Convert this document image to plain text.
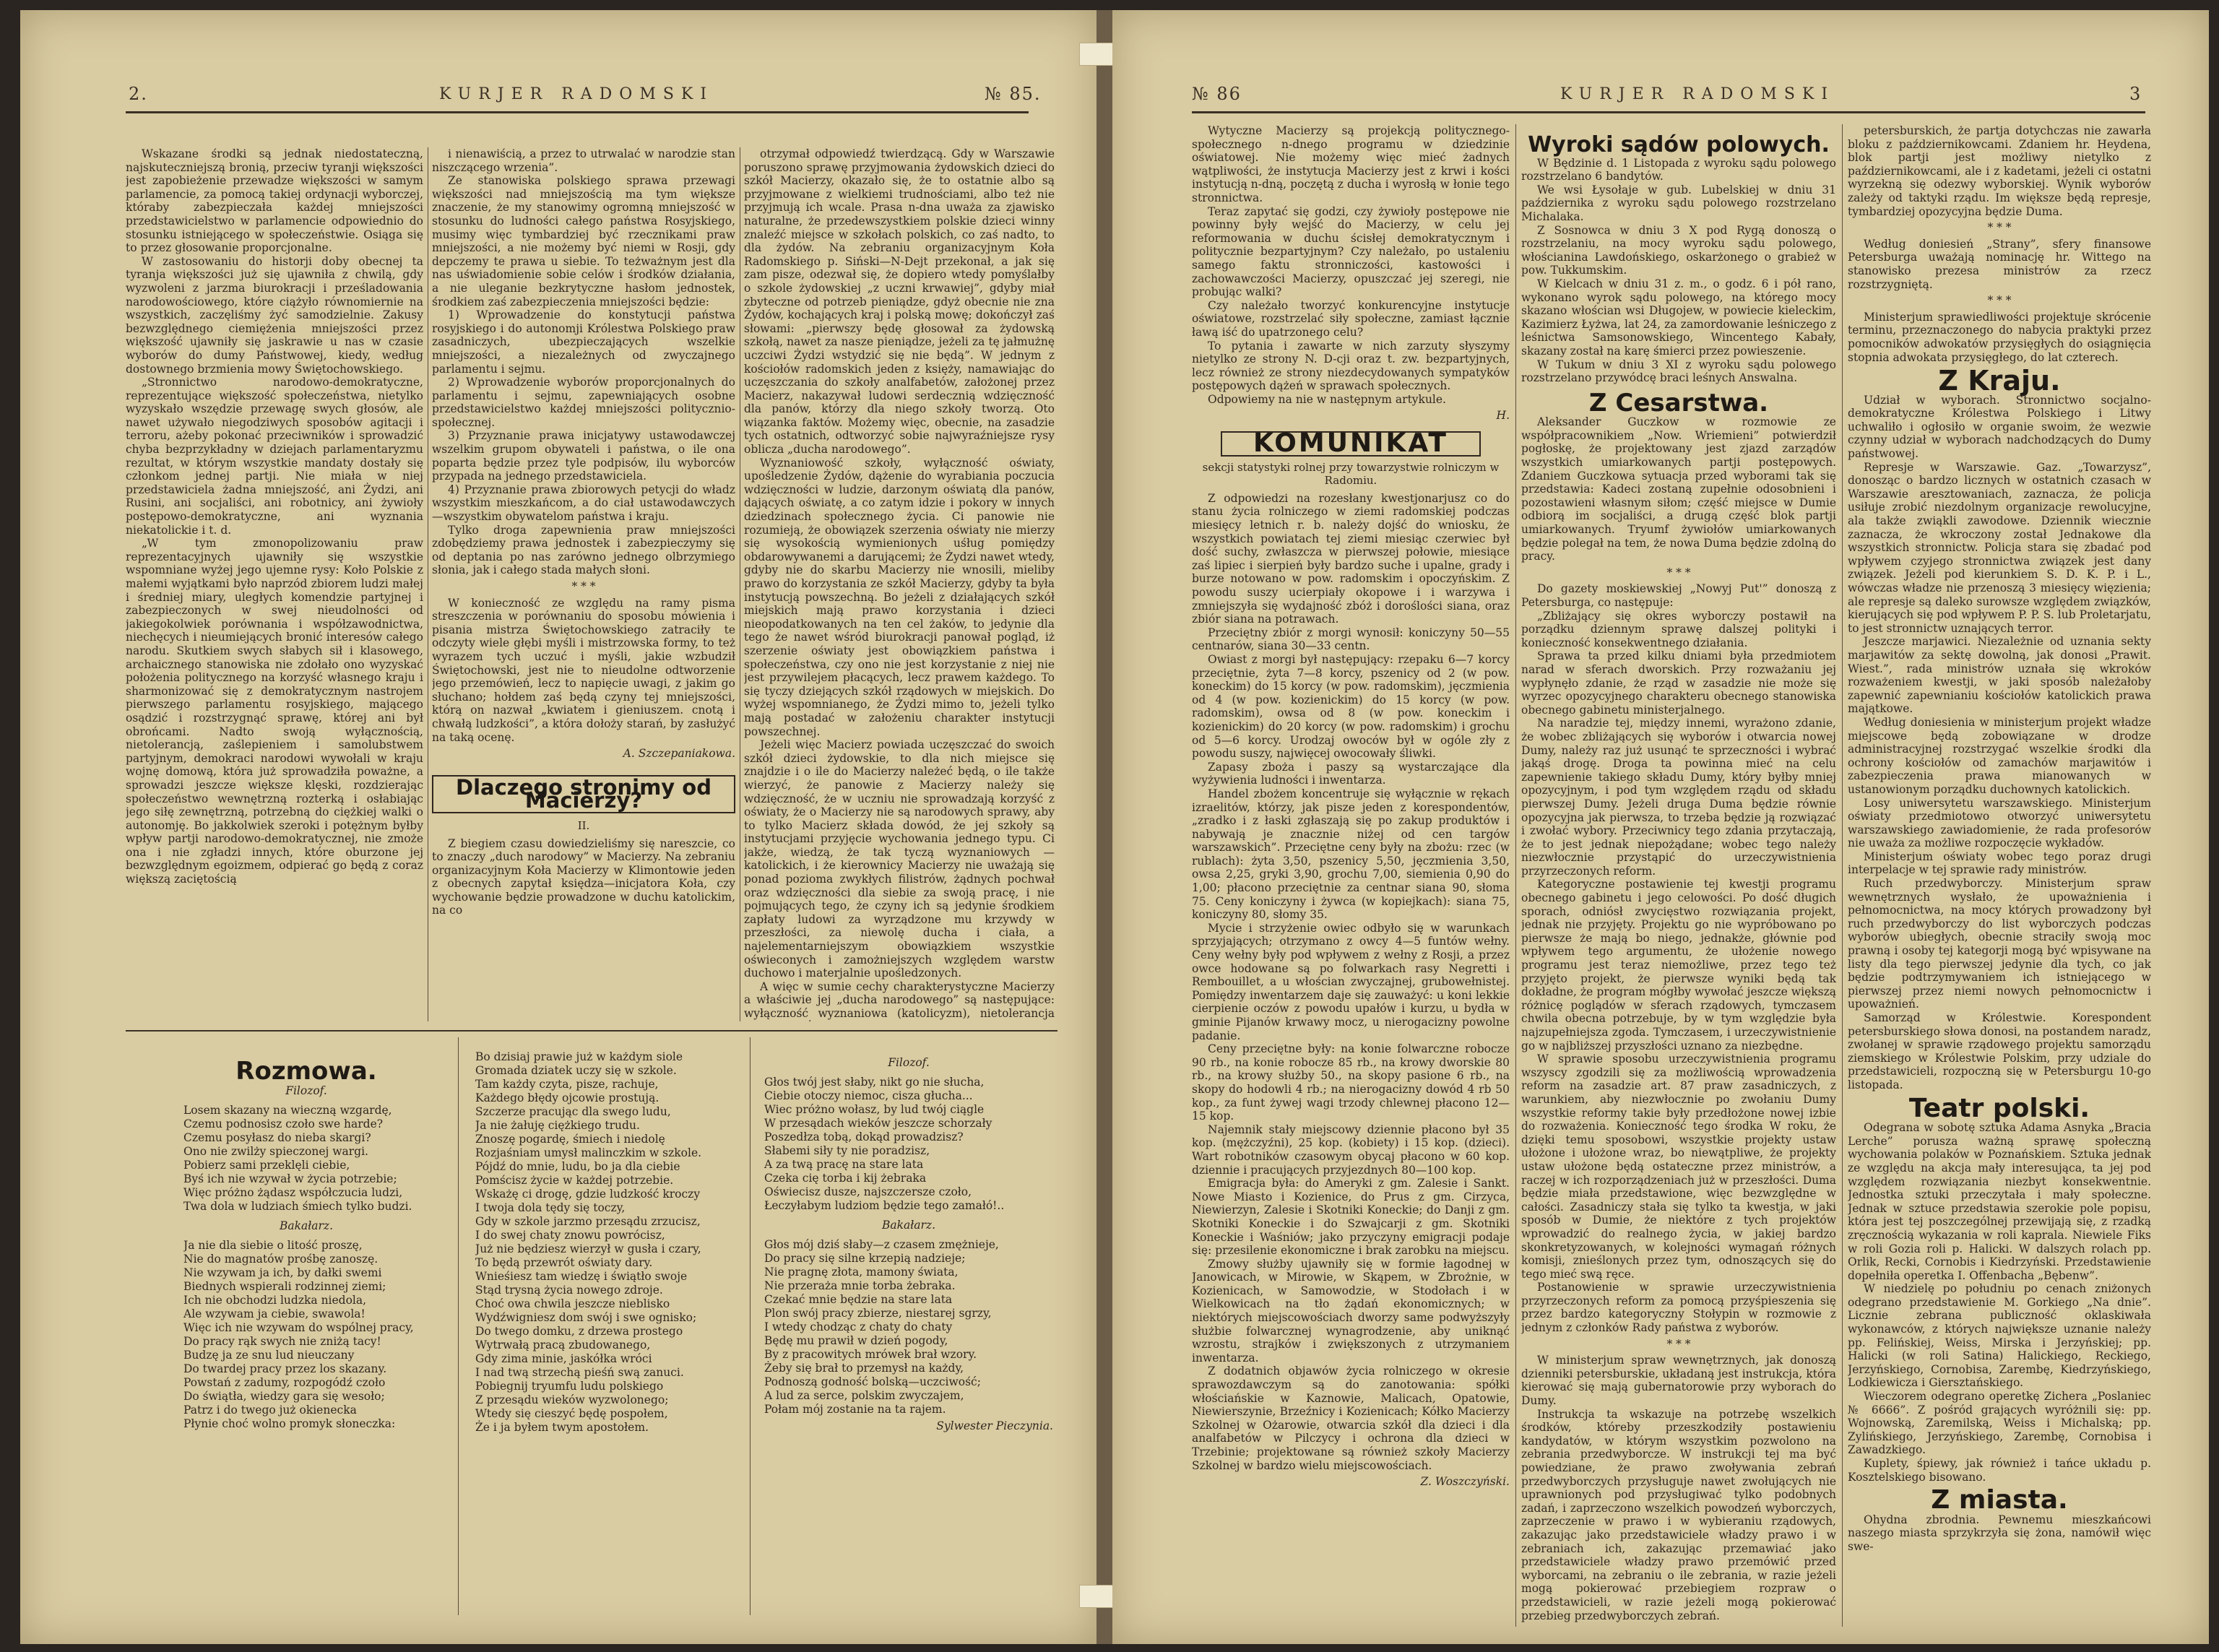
2.	KURJER RADOMSKI	№ 85.

Wskazane środki są jednak niedostateczną, najskuteczniejszą bronią, przeciw tyranji większości jest zapobieżenie przewadze większości w samym parlamencie, za pomocą takiej ordynacji wyborczej, któraby zabezpieczała każdej mniejszości przedstawicielstwo w parlamencie odpowiednio do stosunku istniejącego w społeczeństwie. Osiąga się to przez głosowanie proporcjonalne.

W zastosowaniu do historji doby obecnej ta tyranja większości już się ujawniła z chwilą, gdy wyzwoleni z jarzma biurokracji i prześladowania narodowościowego, które ciążyło równomiernie na wszystkich, zaczęliśmy żyć samodzielnie. Zakusy bezwzględnego ciemiężenia mniejszości przez większość ujawniły się jaskrawie u nas w czasie wyborów do dumy Państwowej, kiedy, według dostownego brzmienia mowy Świętochowskiego.

„Stronnictwo narodowo-demokratyczne, reprezentujące większość społeczeństwa, nietylko wyzyskało wszędzie przewagę swych głosów, ale nawet używało niegodziwych sposobów agitacji i terroru, ażeby pokonać przeciwników i sprowadzić chyba bezprzykładny w dziejach parlamentaryzmu rezultat, w którym wszystkie mandaty dostały się członkom jednej partji. Nie miała w niej przedstawiciela żadna mniejszość, ani Żydzi, ani Rusini, ani socjaliści, ani robotnicy, ani żywioły postępowo-demokratyczne, ani wyznania niekatolickie i t. d.

„W tym zmonopolizowaniu praw reprezentacyjnych ujawniły się wszystkie wspomniane wyżej jego ujemne rysy: Koło Polskie z małemi wyjątkami było naprzód zbiorem ludzi małej i średniej miary, uległych komendzie partyjnej i zabezpieczonych w swej nieudolności od jakiegokolwiek porównania i współzawodnictwa, niechęcych i nieumiejących bronić interesów całego narodu. Skutkiem swych słabych sił i klasowego, archaicznego stanowiska nie zdołało ono wyzyskać położenia politycznego na korzyść własnego kraju i sharmonizować się z demokratycznym nastrojem pierwszego parlamentu rosyjskiego, mającego osądzić i rozstrzygnąć sprawę, której ani był obrońcami. Nadto swoją wyłącznością, nietolerancją, zaślepieniem i samolubstwem partyjnym, demokraci narodowi wywołali w kraju wojnę domową, która już sprowadziła poważne, a sprowadzi jeszcze większe klęski, rozdzierając społeczeństwo wewnętrzną rozterką i osłabiając jego siłę zewnętrzną, potrzebną do ciężkiej walki o autonomję. Bo jakkolwiek szeroki i potężnym byłby wpływ partji narodowo-demokratycznej, nie zmoże ona i nie zgładzi innych, które oburzone jej bezwzględnym egoizmem, odpierać go będą z coraz większą zaciętością

i nienawiścią, a przez to utrwalać w narodzie stan niszczącego wrzenia”.

Ze stanowiska polskiego sprawa przewagi większości nad mniejszością ma tym większe znaczenie, że my stanowimy ogromną mniejszość w stosunku do ludności całego państwa Rosyjskiego, musimy więc tymbardziej być rzecznikami praw mniejszości, a nie możemy być niemi w Rosji, gdy depczemy te prawa u siebie. To teżważnym jest dla nas uświadomienie sobie celów i środków działania, a nie uleganie bezkrytyczne hasłom jednostek, środkiem zaś zabezpieczenia mniejszości będzie:

1) Wprowadzenie do konstytucji państwa rosyjskiego i do autonomji Królestwa Polskiego praw zasadniczych, ubezpieczających wszelkie mniejszości, a niezależnych od zwyczajnego parlamentu i sejmu.

2) Wprowadzenie wyborów proporcjonalnych do parlamentu i sejmu, zapewniających osobne przedstawicielstwo każdej mniejszości politycznio-społecznej.

3) Przyznanie prawa inicjatywy ustawodawczej wszelkim grupom obywateli i państwa, o ile ona poparta będzie przez tyle podpisów, ilu wyborców przypada na jednego przedstawiciela.

4) Przyznanie prawa zbiorowych petycji do władz wszystkim mieszkańcom, a do ciał ustawodawczych—wszystkim obywatelom państwa i kraju.

Tylko droga zapewnienia praw mniejszości zdobędziemy prawa jednostek i zabezpieczymy się od deptania po nas zarówno jednego olbrzymiego słonia, jak i całego stada małych słoni.

* * *

W konieczność ze względu na ramy pisma streszczenia w porównaniu do sposobu mówienia i pisania mistrza Świętochowskiego zatraciły te odczyty wiele głębi myśli i mistrzowska formy, to też wyrazem tych uczuć i myśli, jakie wzbudził Świętochowski, jest nie to nieudolne odtworzenie jego przemówień, lecz to napięcie uwagi, z jakim go słuchano; hołdem zaś będą czyny tej mniejszości, którą on nazwał „kwiatem i gieniuszem. cnotą i chwałą ludzkości”, a która dołoży starań, by zasłużyć na taką ocenę.

A. Szczepaniakowa.
Dlaczego stronimy od Macierzy?
II.

Z biegiem czasu dowiedzieliśmy się nareszcie, co to znaczy „duch narodowy” w Macierzy. Na zebraniu organizacyjnym Koła Macierzy w Klimontowie jeden z obecnych zapytał księdza—inicjatora Koła, czy wychowanie będzie prowadzone w duchu katolickim, na co

otrzymał odpowiedź twierdzącą. Gdy w Warszawie poruszono sprawę przyjmowania żydowskich dzieci do szkół Macierzy, okazało się, że to ostatnie albo są przyjmowane z wielkiemi trudnościami, albo też nie przyjmują ich wcale. Prasa n-dna uważa za zjawisko naturalne, że przedewszystkiem polskie dzieci winny znaleźć miejsce w szkołach polskich, co zaś nadto, to dla żydów. Na zebraniu organizacyjnym Koła Radomskiego p. Siński—N-Dejt przekonał, a jak się zam pisze, odezwał się, że dopiero wtedy pomyślałby o szkole żydowskiej „z uczni krwawiej”, gdyby miał zbyteczne od potrzeb pieniądze, gdyż obecnie nie zna Żydów, kochających kraj i polską mowę; dokończył zaś słowami: „pierwszy będę głosował za żydowską szkołą, nawet za nasze pieniądze, jeżeli za tę jałmużnę uczciwi Żydzi wstydzić się nie będą”. W jednym z kościołów radomskich jeden z księży, namawiając do uczęszczania do szkoły analfabetów, założonej przez Macierz, nakazywał ludowi serdecznią wdzięczność dla panów, którzy dla niego szkoły tworzą. Oto wiązanka faktów. Możemy więc, obecnie, na zasadzie tych ostatnich, odtworzyć sobie najwyraźniejsze rysy oblicza „ducha narodowego”.

Wyznaniowość szkoły, wyłączność oświaty, upośledzenie Żydów, dążenie do wyrabiania poczucia wdzięczności w ludzie, darzonym oświatą dla panów, dających oświatę, a co zatym idzie i pokory w innych dziedzinach społecznego życia. Ci panowie nie rozumieją, że obowiązek szerzenia oświaty nie mierzy się wysokością wymienionych uśług pomiędzy obdarowywanemi a darującemi; że Żydzi nawet wtedy, gdyby nie do skarbu Macierzy nie wnosili, mieliby prawo do korzystania ze szkół Macierzy, gdyby ta była instytucją powszechną. Bo jeżeli z działających szkół miejskich mają prawo korzystania i dzieci nieopodatkowanych na ten cel żaków, to jedynie dla tego że nawet wśród biurokracji panował pogląd, iż szerzenie oświaty jest obowiązkiem państwa i społeczeństwa, czy ono nie jest korzystanie z niej nie jest przywilejem płacących, lecz prawem każdego. To się tyczy dziejących szkół rządowych w miejskich. Do wyżej wspomnianego, że Żydzi mimo to, jeżeli tylko mają postadać w założeniu charakter instytucji powszechnej.

Jeżeli więc Macierz powiada uczęszczać do swoich szkół dzieci żydowskie, to dla nich miejsce się znajdzie i o ile do Macierzy należeć będą, o ile także wierzyć, że panowie z Macierzy należy się wdzięczność, że w uczniu nie sprowadzają korzyść z oświaty, że o Macierzy nie są narodowych sprawy, aby to tylko Macierz składa dowód, że jej szkoły są instytucjami przyjęcie wychowania jednego typu. Ci jakże, wiedzą, że tak tyczą wyznaniowych — katolickich, i że kierownicy Macierzy nie uważają się ponad pozioma zwykłych filistrów, żądnych pochwał oraz wdzięczności dla siebie za swoją pracę, i nie pojmujących tego, że czyny ich są jedynie środkiem zapłaty ludowi za wyrządzone mu krzywdy w przeszłości, za niewolę ducha i ciała, a najelementarniejszym obowiązkiem wszystkie oświeconych i zamożniejszych względem warstw duchowo i materjalnie upośledzonych.

A więc w sumie cechy charakterystyczne Macierzy a właściwie jej „ducha narodowego” są następujące: wyłączność wyznaniowa (katolicyzm), nietolerancja

Rozmowa.
Filozof.
Losem skazany na wieczną wzgardę,
Czemu podnosisz czoło swe harde?
Czemu posyłasz do nieba skargi?
Ono nie zwilży spieczonej wargi.
Pobierz sami przeklęli ciebie,
Byś ich nie wzywał w życia potrzebie;
Więc próżno żądasz współczucia ludzi,
Twa dola w ludziach śmiech tylko budzi.
Bakałarz.
Ja nie dla siebie o litość proszę,
Nie do magnatów prośbę zanoszę.
Nie wzywam ja ich, by dałki swemi
Biednych wspierali rodzinnej ziemi;
Ich nie obchodzi ludzka niedola,
Ale wzywam ja ciebie, swawola!
Więc ich nie wzywam do wspólnej pracy,
Do pracy rąk swych nie zniżą tacy!
Budzę ja ze snu lud nieuczany
Do twardej pracy przez los skazany.
Powstań z zadumy, rozpogódź czoło
Do świątła, wiedzy gara się wesoło;
Patrz i do twego już okienecka
Płynie choć wolno promyk słoneczka:
Bo dzisiaj prawie już w każdym siole
Gromada dziatek uczy się w szkole.
Tam każdy czyta, pisze, rachuje,
Każdego błędy ojcowie prostują.
Szczerze pracując dla swego ludu,
Ja nie żałuję ciężkiego trudu.
Znoszę pogardę, śmiech i niedolę
Rozjaśniam umysł malinczkim w szkole.
Pójdź do mnie, ludu, bo ja dla ciebie
Pomścisz życie w każdej potrzebie.
Wskażę ci drogę, gdzie ludzkość kroczy
I twoja dola tędy się toczy,
Gdy w szkole jarzmo przesądu zrzucisz,
I do swej chaty znowu powrócisz,
Już nie będziesz wierzył w gusła i czary,
To będą przewrót oświaty dary.
Wnieśiesz tam wiedzę i świątło swoje
Stąd trysną życia nowego zdroje.
Choć owa chwila jeszcze nieblisko
Wydźwigniesz dom swój i swe ognisko;
Do twego domku, z drzewa prostego
Wytrwałą pracą zbudowanego,
Gdy zima minie, jaskółka wróci
I nad twą strzechą pieśń swą zanuci.
Pobiegnij tryumfu ludu polskiego
Z przesądu wieków wyzwolonego;
Wtedy się cieszyć będę pospołem,
Że i ja byłem twym apostołem.
Filozof.
Głos twój jest słaby, nikt go nie słucha,
Ciebie otoczy niemoc, cisza głucha...
Wiec próżno wołasz, by lud twój ciągle
W przesądach wieków jeszcze schorzały
Poszedłza tobą, dokąd prowadzisz?
Słabemi siły ty nie poradzisz,
A za twą pracę na stare lata
Czeka cię torba i kij żebraka
Oświecisz dusze, najszczersze czoło,
Łeczyłabym ludziom będzie tego zamałó!..
Bakałarz.
Głos mój dziś słaby—z czasem zmężnieje,
Do pracy się silne krzepią nadzieje;
Nie pragnę złota, mamony świata,
Nie przeraża mnie torba żebraka.
Czekać mnie będzie na stare lata
Plon swój pracy zbierze, niestarej sgrzy,
I wtedy chodząc z chaty do chaty
Będę mu prawił w dzień pogody,
By z pracowitych mrówek brał wzory.
Żeby się brał to przemysł na każdy,
Podnoszą godność bolską—uczciwość;
A lud za serce, polskim zwyczajem,
Połam mój zostanie na ta rajem.
Sylwester Pieczynia.
№ 86	KURJER RADOMSKI	3

Wytyczne Macierzy są projekcją politycznego-społecznego n-dnego programu w dziedzinie oświatowej. Nie możemy więc mieć żadnych wątpliwości, że instytucja Macierzy jest z krwi i kości instytucją n-dną, poczętą z ducha i wyrosłą w łonie tego stronnictwa.

Teraz zapytać się godzi, czy żywioły postępowe nie powinny były wejść do Macierzy, w celu jej reformowania w duchu ścisłej demokratycznym i politycznie bezpartyjnym? Czy należało, po ustaleniu samego faktu stronniczości, kastowości i zachowawczości Macierzy, opuszczać jej szeregi, nie probując walki?

Czy należało tworzyć konkurencyjne instytucje oświatowe, rozstrzelać siły społeczne, zamiast łącznie ławą iść do upatrzonego celu?

To pytania i zawarte w nich zarzuty słyszymy nietylko ze strony N. D-cji oraz t. zw. bezpartyjnych, lecz również ze strony niezdecydowanych sympatyków postępowych dążeń w sprawach społecznych.

Odpowiemy na nie w następnym artykule.

H.
KOMUNIKAT
sekcji statystyki rolnej przy towarzystwie rolniczym w Radomiu.

Z odpowiedzi na rozesłany kwestjonarjusz co do stanu życia rolniczego w ziemi radomskiej podczas miesięcy letnich r. b. należy dojść do wniosku, że wszystkich powiatach tej ziemi miesiąc czerwiec był dość suchy, zwłaszcza w pierwszej połowie, miesiące zaś lipiec i sierpień były bardzo suche i upalne, grady i burze notowano w pow. radomskim i opoczyńskim. Z powodu suszy ucierpiały okopowe i i warzywa i zmniejszyła się wydajność zbóż i doroślości siana, oraz zbiór siana na potrawach.

Przeciętny zbiór z morgi wynosił: koniczyny 50—55 centnarów, siana 30—33 centn.

Owiast z morgi był następujący: rzepaku 6—7 korcy przeciętnie, żyta 7—8 korcy, pszenicy od 2 (w pow. koneckim) do 15 korcy (w pow. radomskim), jęczmienia od 4 (w pow. kozienickim) do 15 korcy (w pow. radomskim), owsa od 8 (w pow. koneckim i kozienickim) do 20 korcy (w pow. radomskim) i grochu od 5—6 korcy. Urodzaj owoców był w ogóle zły z powodu suszy, najwięcej owocowały śliwki.

Zapasy zboża i paszy są wystarczające dla wyżywienia ludności i inwentarza.

Handel zbożem koncentruje się wyłącznie w rękach izraelitów, którzy, jak pisze jeden z korespondentów, „zradko i z łaski zgłaszają się po zakup produktów i nabywają je znacznie niżej od cen targów warszawskich”. Przeciętne ceny były na zbożu: rzec (w rublach): żyta 3,50, pszenicy 5,50, jęczmienia 3,50, owsa 2,25, gryki 3,90, grochu 7,00, siemienia 0,90 do 1,00; płacono przeciętnie za centnar siana 90, słoma 75. Ceny koniczyny i żywca (w kopiejkach): siana 75, koniczyny 80, słomy 35.

Mycie i strzyżenie owiec odbyło się w warunkach sprzyjających; otrzymano z owcy 4—5 funtów wełny. Ceny wełny były pod wpływem z wełny z Rosji, a przez owce hodowane są po folwarkach rasy Negretti i Rembouillet, a u włościan zwyczajnej, grubowełnistej. Pomiędzy inwentarzem daje się zauważyć: u koni lekkie cierpienie oczów z powodu upałów i kurzu, u bydła w gminie Pijanów krwawy mocz, u nierogacizny powolne padanie.

Ceny przeciętne były: na konie folwarczne robocze 90 rb., na konie robocze 85 rb., na krowy dworskie 80 rb., na krowy służby 50., na skopy pasione 6 rb., na skopy do hodowli 4 rb.; na nierogacizny dowód 4 rb 50 kop., za funt żywej wagi trzody chlewnej płacono 12—15 kop.

Najemnik stały miejscowy dziennie płacono był 35 kop. (mężczyźni), 25 kop. (kobiety) i 15 kop. (dzieci). Wart robotników czasowym obycaj płacono w 60 kop. dziennie i pracujących przyjezdnych 80—100 kop.

Emigracja była: do Ameryki z gm. Zalesie i Sankt. Nowe Miasto i Kozienice, do Prus z gm. Cirzyca, Niewierzyn, Zalesie i Skotniki Koneckie; do Danji z gm. Skotniki Koneckie i do Szwajcarji z gm. Skotniki Koneckie i Waśniów; jako przyczyny emigracji podaje się: przesilenie ekonomiczne i brak zarobku na miejscu.

Zmowy służby ujawniły się w formie łagodnej w Janowicach, w Mirowie, w Skąpem, w Zbrożnie, w Kozienicach, w Samowodzie, w Stodołach i w Wielkowicach na tło żądań ekonomicznych; w niektórych miejscowościach dworzy same podwyższyły służbie folwarcznej wynagrodzenie, aby uniknąć wzrostu, strajków i zwiększonych z utrzymaniem inwentarza.

Z dodatnich objawów życia rolniczego w okresie sprawozdawczym są do zanotowania: spółki włościańskie w Kaznowie, Malicach, Opatowie, Niewierszynie, Brzeźnicy i Kozienicach; Kółko Macierzy Szkolnej w Ożarowie, otwarcia szkół dla dzieci i dla analfabetów w Pilczycy i ochrona dla dzieci w Trzebinie; projektowane są również szkoły Macierzy Szkolnej w bardzo wielu miejscowościach.

Z. Woszczyński.
Wyroki sądów polowych.

W Będzinie d. 1 Listopada z wyroku sądu polowego rozstrzelano 6 bandytów.

We wsi Łysołaje w gub. Lubelskiej w dniu 31 października z wyroku sądu polowego rozstrzelano Michalaka.

Z Sosnowca w dniu 3 X pod Rygą donoszą o rozstrzelaniu, na mocy wyroku sądu polowego, włościanina Lawdońskiego, oskarżonego o grabież w pow. Tukkumskim.

W Kielcach w dniu 31 z. m., o godz. 6 i pół rano, wykonano wyrok sądu polowego, na którego mocy skazano włościan wsi Długojew, w powiecie kieleckim, Kazimierz Łyżwa, lat 24, za zamordowanie leśniczego z leśnictwa Samsonowskiego, Wincentego Kabały, skazany został na karę śmierci przez powieszenie.

W Tukum w dniu 3 XI z wyroku sądu polowego rozstrzelano przywódcę braci leśnych Answalna.

Z Cesarstwa.

Aleksander Guczkow w rozmowie ze współpracownikiem „Now. Wriemieni” potwierdził pogłoskę, że projektowany jest zjazd zarządów wszystkich umiarkowanych partji postępowych. Zdaniem Guczkowa sytuacja przed wyborami tak się przedstawia: Kadeci zostaną zupełnie odosobnieni i pozostawieni własnym siłom; część miejsce w Dumie odbiorą im socjaliści, a drugą część blok partji umiarkowanych. Tryumf żywiołów umiarkowanych będzie polegał na tem, że nowa Duma będzie zdolną do pracy.

* * *

Do gazety moskiewskiej „Nowyj Put'” donoszą z Petersburga, co następuje:

„Zbliżający się okres wyborczy postawił na porządku dziennym sprawę dalszej polityki i konieczność konsekwentnego działania.

Sprawa ta przed kilku dniami była przedmiotem narad w sferach dworskich. Przy rozważaniu jej wypłynęło zdanie, że rząd w zasadzie nie może się wyrzec opozycyjnego charakteru obecnego stanowiska obecnego gabinetu ministerjalnego.

Na naradzie tej, między innemi, wyrażono zdanie, że wobec zbliżających się wyborów i otwarcia nowej Dumy, należy raz już usunąć te sprzeczności i wybrać jakąś drogę. Droga ta powinna mieć na celu zapewnienie takiego składu Dumy, który byłby mniej opozycyjnym, i pod tym względem rządu od składu pierwszej Dumy. Jeżeli druga Duma będzie równie opozycyjna jak pierwsza, to trzeba będzie ją rozwiązać i zwołać wybory. Przeciwnicy tego zdania przytaczają, że to jest jednak niepożądane; wobec tego należy niezwłocznie przystąpić do urzeczywistnienia przyrzeczonych reform.

Kategoryczne postawienie tej kwestji programu obecnego gabinetu i jego celowości. Po dość długich sporach, odniósł zwycięstwo rozwiązania projekt, jednak nie przyjęty. Projektu go nie wypróbowano po pierwsze że mają bo niego, jednakże, głównie pod wpływem tego argumentu, że ułożenie nowego programu jest teraz niemożliwe, przez tego też przyjęto projekt, że pierwsze wyniki będą tak dokładne, że program mógłby wywołać jeszcze większą różnicę poglądów w sferach rządowych, tymczasem chwila obecna potrzebuje, by w tym względzie była najzupełniejsza zgoda. Tymczasem, i urzeczywistnienie go w najbliższej przyszłości uznano za niezbędne.

W sprawie sposobu urzeczywistnienia programu wszyscy zgodzili się za możliwością wprowadzenia reform na zasadzie art. 87 praw zasadniczych, z warunkiem, aby niezwłocznie po zwołaniu Dumy wszystkie reformy takie były przedłożone nowej izbie do rozważenia. Konieczność tego środka W roku, że dzięki temu sposobowi, wszystkie projekty ustaw ułożone i ułożone wraz, bo niewątpliwe, że projekty ustaw ułożone będą ostateczne przez ministrów, a raczej w ich rozporządzeniach już w przeszłości. Duma będzie miała przedstawione, więc bezwzględne w całości. Zasadniczy stała się tylko ta kwestja, w jaki sposób w Dumie, że niektóre z tych projektów wprowadzić do realnego życia, w jakiej bardzo skonkretyzowanych, w kolejności wymagań różnych komisji, znieślonych przez tym, odnoszących się do tego mieć swą ręce.

Postanowienie w sprawie urzeczywistnienia przyrzeczonych reform za pomocą przyśpieszenia się przez bardzo kategoryczny Stołypin w rozmowie z jednym z członków Rady państwa z wyborów.

* * *

W ministerjum spraw wewnętrznych, jak donoszą dzienniki petersburskie, układaną jest instrukcja, która kierować się mają gubernatorowie przy wyborach do Dumy.

Instrukcja ta wskazuje na potrzebę wszelkich środków, któreby przeszkodziły postawieniu kandydatów, w którym wszystkim pozwolono na zebrania przedwyborcze. W instrukcji tej ma być powiedziane, że prawo zwoływania zebrań przedwyborczych przysługuje nawet zwołujących nie uprawnionych pod przysługiwać tylko podobnych zadań, i zaprzeczono wszelkich powodzeń wyborczych, zaprzeczenie w prawo i w wybieraniu rządowych, zakazując jako przedstawiciele władzy prawo i w zebraniach ich, zakazując przemawiać jako przedstawiciele władzy prawo przemówić przed wyborcami, na zebraniu o ile zebrania, w razie jeżeli mogą pokierować przebiegiem rozpraw o przedstawicieli, w razie jeżeli mogą pokierować przebieg przedwyborczych zebrań.

petersburskich, że partja dotychczas nie zawarła bloku z październikowcami. Zdaniem hr. Heydena, blok partji jest możliwy nietylko z październikowcami, ale i z kadetami, jeżeli ci ostatni wyrzekną się odezwy wyborskiej. Wynik wyborów zależy od taktyki rządu. Im większe będą represje, tymbardziej opozycyjna będzie Duma.

* * *

Według doniesień „Strany”, sfery finansowe Petersburga uważają nominację hr. Wittego na stanowisko prezesa ministrów za rzecz rozstrzygniętą.

* * *

Ministerjum sprawiedliwości projektuje skrócenie terminu, przeznaczonego do nabycia praktyki przez pomocników adwokatów przysięgłych do osiągnięcia stopnia adwokata przysięgłego, do lat czterech.

Z Kraju.

Udział w wyborach. Stronnictwo socjalno-demokratyczne Królestwa Polskiego i Litwy uchwaliło i ogłosiło w organie swoim, że wezwie czynny udział w wyborach nadchodzących do Dumy państwowej.

Represje w Warszawie. Gaz. „Towarzysz”, donosząc o bardzo licznych w ostatnich czasach w Warszawie aresztowaniach, zaznacza, że policja usiłuje zrobić niezdolnym organizacje rewolucyjne, ala także zwiąkli zawodowe. Dziennik wiecznie zaznacza, że wkroczony został Jednakowe dla wszystkich stronnictw. Policja stara się zbadać pod wpływem czyjego stronnictwa związek jest dany związek. Jeżeli pod kierunkiem S. D. K. P. i L., wówczas władze nie przenoszą 3 miesięcy więzienia; ale represje są daleko surowsze względem związków, kierujących się pod wpływem P. P. S. lub Proletarjatu, to jest stronnictw uznających terror.

Jeszcze marjawici. Niezależnie od uznania sekty marjawitów za sektę dowolną, jak donosi „Prawit. Wiest.”, rada ministrów uznała się wkroków rozważeniem kwestji, w jaki sposób należałoby zapewnić zapewnianiu kościołów katolickich prawa majątkowe.

Według doniesienia w ministerjum projekt władze miejscowe będą zobowiązane w drodze administracyjnej rozstrzygać wszelkie środki dla ochrony kościołów od zamachów marjawitów i zabezpieczenia prawa mianowanych w ustanowionym porządku duchownych katolickich.

Losy uniwersytetu warszawskiego. Ministerjum oświaty przedmiotowo otworzyć uniwersytetu warszawskiego zawiadomienie, że rada profesorów nie uważa za możliwe rozpoczęcie wykładów.

Ministerjum oświaty wobec tego poraz drugi interpelacje w tej sprawie rady ministrów.

Ruch przedwyborczy. Ministerjum spraw wewnętrznych wysłało, że upoważnienia i pełnomocnictwa, na mocy których prowadzony był ruch przedwyborczy do list wyborczych podczas wyborów ubiegłych, obecnie straciły swoją moc prawną i osoby tej kategorji mogą być wpisywane na listy dla tego pierwszej jedynie dla tych, co jak będzie podtrzymywaniem ich istniejącego w pierwszej przez niemi nowych pełnomocnictw i upoważnień.

Samorząd w Królestwie. Korespondent petersburskiego słowa donosi, na postandem naradz, zwołanej w sprawie rządowego projektu samorządu ziemskiego w Królestwie Polskim, przy udziale do przedstawicieli, rozpoczną się w Petersburgu 10-go listopada.

Teatr polski.

Odegrana w sobotę sztuka Adama Asnyka „Bracia Lerche” porusza ważną sprawę społeczną wychowania polaków w Poznańskiem. Sztuka jednak ze względu na akcja mały interesująca, ta jej pod względem rozwiązania niezbyt konsekwentnie. Jednostka sztuki przeczytała i mały społeczne. Jednak w sztuce przedstawia szerokie pole popisu, która jest tej poszczególnej przewijają się, z rzadką zręcznością wykazania w roli kaprala. Niewiele Fiks w roli Gozia roli p. Halicki. W dalszych rolach pp. Orlik, Recki, Cornobis i Kiedrzyński. Przedstawienie dopełniła operetka I. Offenbacha „Bębenw”.

W niedzielę po południu po cenach zniżonych odegrano przedstawienie M. Gorkiego „Na dnie”. Licznie zebrana publiczność oklaskiwała wykonawców, z których największe uznanie należy pp. Felińskiej, Weiss, Mirska i Jerzyńskiej; pp. Halicki (w roli Satina) Halickiego, Reckiego, Jerzyńskiego, Cornobisa, Zarembę, Kiedrzyńskiego, Lodkiewicza i Giersztańskiego.

Wieczorem odegrano operetkę Zichera „Poslaniec № 6666”. Z pośród grających wyróżnili się: pp. Wojnowską, Zaremilską, Weiss i Michalską; pp. Zylińskiego, Jerzyńskiego, Zarembę, Cornobisa i Zawadzkiego.

Kuplety, śpiewy, jak również i tańce układu p. Kosztelskiego bisowano.

Z miasta.

Ohydna zbrodnia. Pewnemu mieszkańcowi naszego miasta sprzykrzyła się żona, namówił więc swe-
